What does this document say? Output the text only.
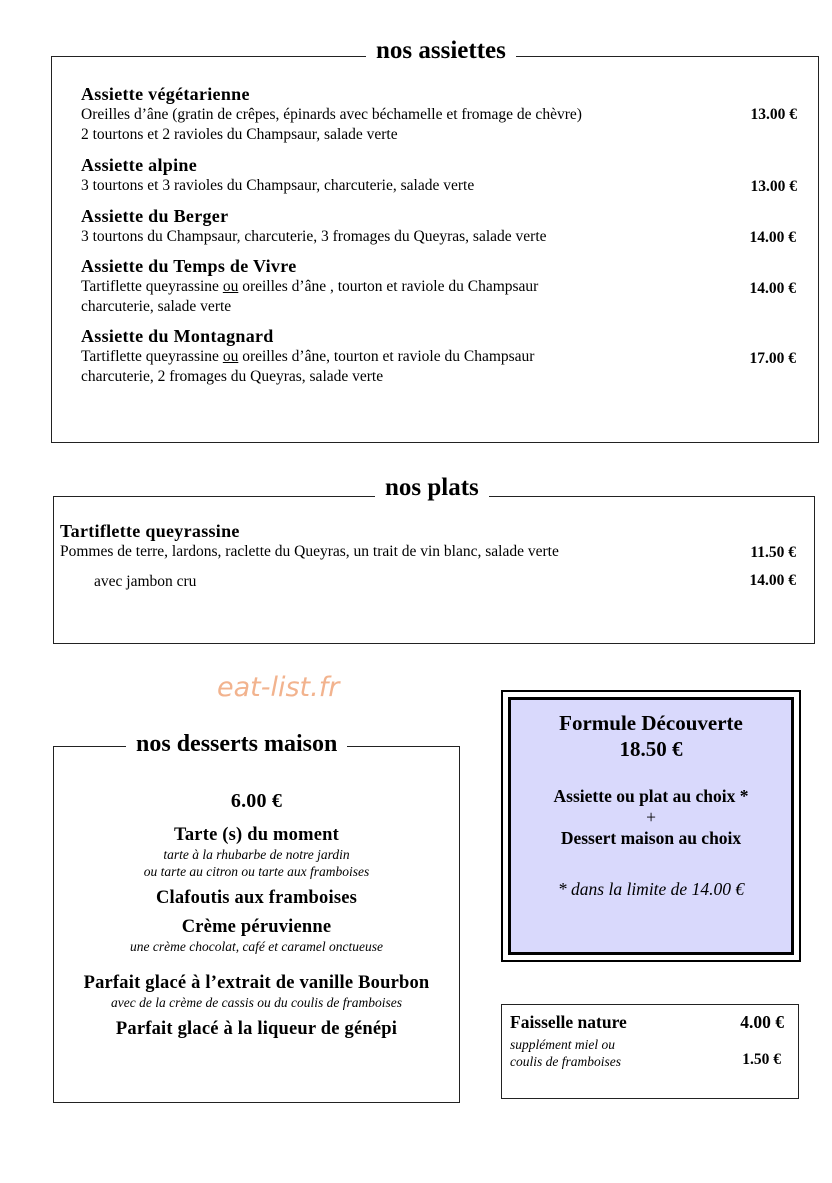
nos assiettes
Assiette végétarienne
Oreilles d’âne (gratin de crêpes, épinards avec béchamelle et fromage de chèvre)
2 tourtons et 2 ravioles du Champsaur, salade verte
13.00 €
Assiette alpine
3 tourtons et 3 ravioles du Champsaur, charcuterie, salade verte	13.00 €
Assiette du Berger
3 tourtons du Champsaur, charcuterie, 3 fromages du Queyras, salade verte	14.00 €
Assiette du Temps de Vivre
Tartiflette queyrassine ou oreilles d’âne , tourton et raviole du Champsaur
charcuterie, salade verte
14.00 €
Assiette du Montagnard
Tartiflette queyrassine ou oreilles d’âne, tourton et raviole du Champsaur
charcuterie, 2 fromages du Queyras, salade verte
17.00 €
nos plats
Tartiflette queyrassine
Pommes de terre, lardons, raclette du Queyras, un trait de vin blanc, salade verte	11.50 €
avec jambon cru	14.00 €
eat-list.fr
nos desserts maison
6.00 €
Tarte (s) du moment
tarte à la rhubarbe de notre jardin
ou tarte au citron ou tarte aux framboises
Clafoutis aux framboises
Crème péruvienne
une crème chocolat, café et caramel onctueuse
Parfait glacé à l’extrait de vanille Bourbon
avec de la crème de cassis ou du coulis de framboises
Parfait glacé à la liqueur de génépi
Formule Découverte
18.50 €
Assiette ou plat au choix *
+
Dessert maison au choix
* dans la limite de 14.00 €
Faisselle nature	4.00 €
supplément miel ou
coulis de framboises	1.50 €
